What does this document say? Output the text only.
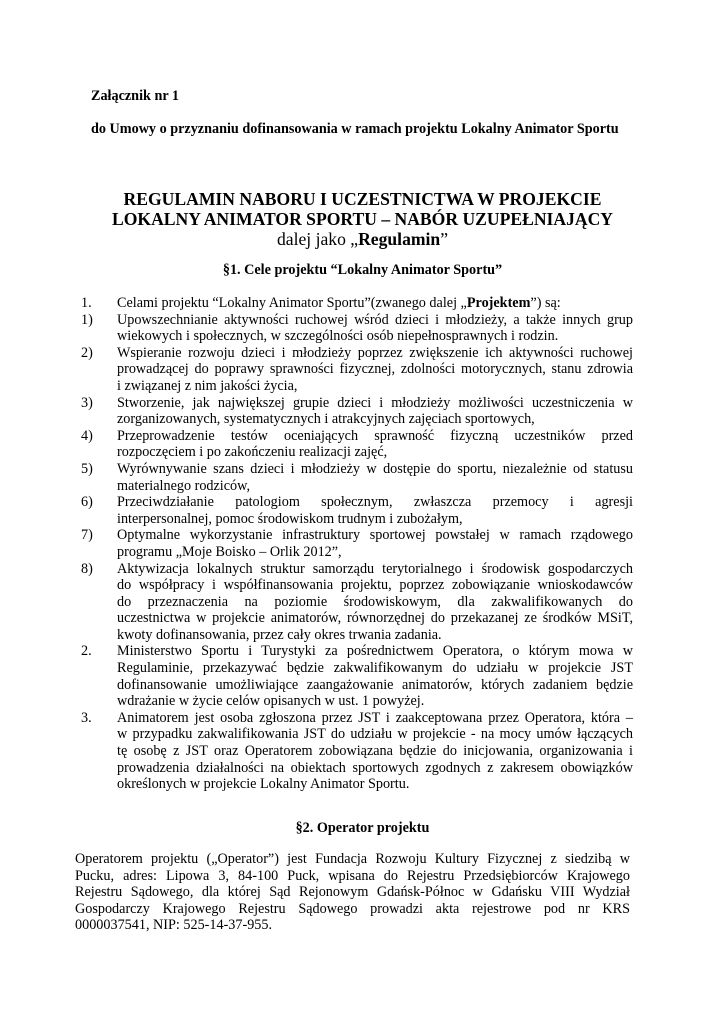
Załącznik nr 1
do Umowy o przyznaniu dofinansowania w ramach projektu Lokalny Animator Sportu
REGULAMIN NABORU I UCZESTNICTWA W PROJEKCIE
LOKALNY ANIMATOR SPORTU – NABÓR UZUPEŁNIAJĄCY
dalej jako „Regulamin”
§1. Cele projektu “Lokalny Animator Sportu”
1.	Celami projektu “Lokalny Animator Sportu”(zwanego dalej „Projektem”) są:
1)	Upowszechnianie aktywności ruchowej wśród dzieci i młodzieży, a także innych grup
wiekowych i społecznych, w szczególności osób niepełnosprawnych i rodzin.
2)	Wspieranie rozwoju dzieci i młodzieży poprzez zwiększenie ich aktywności ruchowej
prowadzącej do poprawy sprawności fizycznej, zdolności motorycznych, stanu zdrowia
i związanej z nim jakości życia,
3)	Stworzenie, jak największej grupie dzieci i młodzieży możliwości uczestniczenia w
zorganizowanych, systematycznych i atrakcyjnych zajęciach sportowych,
4)	Przeprowadzenie testów oceniających sprawność fizyczną uczestników przed
rozpoczęciem i po zakończeniu realizacji zajęć,
5)	Wyrównywanie szans dzieci i młodzieży w dostępie do sportu, niezależnie od statusu
materialnego rodziców,
6)	Przeciwdziałanie patologiom społecznym, zwłaszcza przemocy i agresji
interpersonalnej, pomoc środowiskom trudnym i zubożałym,
7)	Optymalne wykorzystanie infrastruktury sportowej powstałej w ramach rządowego
programu „Moje Boisko – Orlik 2012”,
8)	Aktywizacja lokalnych struktur samorządu terytorialnego i środowisk gospodarczych
do współpracy i współfinansowania projektu, poprzez zobowiązanie wnioskodawców
do przeznaczenia na poziomie środowiskowym, dla zakwalifikowanych do
uczestnictwa w projekcie animatorów, równorzędnej do przekazanej ze środków MSiT,
kwoty dofinansowania, przez cały okres trwania zadania.
2.	Ministerstwo Sportu i Turystyki za pośrednictwem Operatora, o którym mowa w
Regulaminie, przekazywać będzie zakwalifikowanym do udziału w projekcie JST
dofinansowanie umożliwiające zaangażowanie animatorów, których zadaniem będzie
wdrażanie w życie celów opisanych w ust. 1 powyżej.
3.	Animatorem jest osoba zgłoszona przez JST i zaakceptowana przez Operatora, która –
w przypadku zakwalifikowania JST do udziału w projekcie - na mocy umów łączących
tę osobę z JST oraz Operatorem zobowiązana będzie do inicjowania, organizowania i
prowadzenia działalności na obiektach sportowych zgodnych z zakresem obowiązków
określonych w projekcie Lokalny Animator Sportu.
§2. Operator projektu
Operatorem projektu („Operator”) jest Fundacja Rozwoju Kultury Fizycznej z siedzibą w
Pucku, adres: Lipowa 3, 84-100 Puck, wpisana do Rejestru Przedsiębiorców Krajowego
Rejestru Sądowego, dla której Sąd Rejonowym Gdańsk-Północ w Gdańsku VIII Wydział
Gospodarczy Krajowego Rejestru Sądowego prowadzi akta rejestrowe pod nr KRS
0000037541, NIP: 525-14-37-955.
